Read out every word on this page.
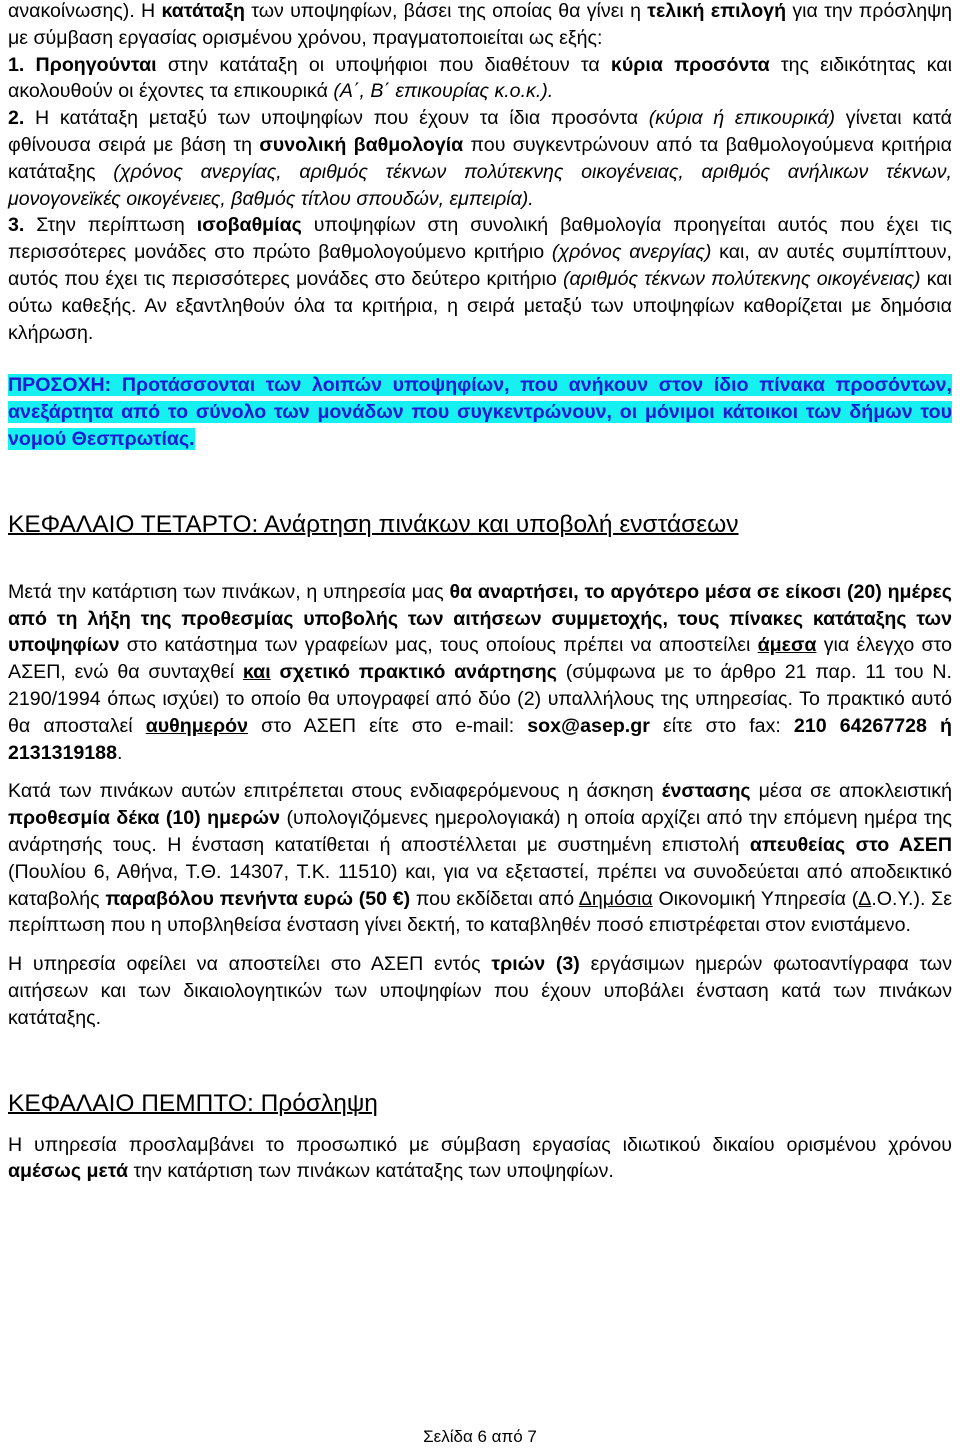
ανακοίνωσης). Η κατάταξη των υποψηφίων, βάσει της οποίας θα γίνει η τελική επιλογή για την πρόσληψη με σύμβαση εργασίας ορισμένου χρόνου, πραγματοποιείται ως εξής:

1. Προηγούνται στην κατάταξη οι υποψήφιοι που διαθέτουν τα κύρια προσόντα της ειδικότητας και ακολουθούν οι έχοντες τα επικουρικά (Α΄, Β΄ επικουρίας κ.ο.κ.).

2. Η κατάταξη μεταξύ των υποψηφίων που έχουν τα ίδια προσόντα (κύρια ή επικουρικά) γίνεται κατά φθίνουσα σειρά με βάση τη συνολική βαθμολογία που συγκεντρώνουν από τα βαθμολογούμενα κριτήρια κατάταξης (χρόνος ανεργίας, αριθμός τέκνων πολύτεκνης οικογένειας, αριθμός ανήλικων τέκνων, μονογονεϊκές οικογένειες, βαθμός τίτλου σπουδών, εμπειρία).

3. Στην περίπτωση ισοβαθμίας υποψηφίων στη συνολική βαθμολογία προηγείται αυτός που έχει τις περισσότερες μονάδες στο πρώτο βαθμολογούμενο κριτήριο (χρόνος ανεργίας) και, αν αυτές συμπίπτουν, αυτός που έχει τις περισσότερες μονάδες στο δεύτερο κριτήριο (αριθμός τέκνων πολύτεκνης οικογένειας) και ούτω καθεξής. Αν εξαντληθούν όλα τα κριτήρια, η σειρά μεταξύ των υποψηφίων καθορίζεται με δημόσια κλήρωση.

ΠΡΟΣΟΧΗ: Προτάσσονται των λοιπών υποψηφίων, που ανήκουν στον ίδιο πίνακα προσόντων, ανεξάρτητα από το σύνολο των μονάδων που συγκεντρώνουν, οι μόνιμοι κάτοικοι των δήμων του νομού Θεσπρωτίας.

ΚΕΦΑΛΑΙΟ ΤΕΤΑΡΤΟ: Ανάρτηση πινάκων και υποβολή ενστάσεων

Μετά την κατάρτιση των πινάκων, η υπηρεσία μας θα αναρτήσει, το αργότερο μέσα σε είκοσι (20) ημέρες από τη λήξη της προθεσμίας υποβολής των αιτήσεων συμμετοχής, τους πίνακες κατάταξης των υποψηφίων στο κατάστημα των γραφείων μας, τους οποίους πρέπει να αποστείλει άμεσα για έλεγχο στο ΑΣΕΠ, ενώ θα συνταχθεί και σχετικό πρακτικό ανάρτησης (σύμφωνα με το άρθρο 21 παρ. 11 του Ν. 2190/1994 όπως ισχύει) το οποίο θα υπογραφεί από δύο (2) υπαλλήλους της υπηρεσίας. Το πρακτικό αυτό θα αποσταλεί αυθημερόν στο ΑΣΕΠ είτε στο e-mail: sox@asep.gr είτε στο fax: 210 64267728 ή 2131319188.

Κατά των πινάκων αυτών επιτρέπεται στους ενδιαφερόμενους η άσκηση ένστασης μέσα σε αποκλειστική προθεσμία δέκα (10) ημερών (υπολογιζόμενες ημερολογιακά) η οποία αρχίζει από την επόμενη ημέρα της ανάρτησής τους. Η ένσταση κατατίθεται ή αποστέλλεται με συστημένη επιστολή απευθείας στο ΑΣΕΠ (Πουλίου 6, Αθήνα, Τ.Θ. 14307, Τ.Κ. 11510) και, για να εξεταστεί, πρέπει να συνοδεύεται από αποδεικτικό καταβολής παραβόλου πενήντα ευρώ (50 €) που εκδίδεται από Δημόσια Οικονομική Υπηρεσία (Δ.Ο.Υ.). Σε περίπτωση που η υποβληθείσα ένσταση γίνει δεκτή, το καταβληθέν ποσό επιστρέφεται στον ενιστάμενο.

Η υπηρεσία οφείλει να αποστείλει στο ΑΣΕΠ εντός τριών (3) εργάσιμων ημερών φωτοαντίγραφα των αιτήσεων και των δικαιολογητικών των υποψηφίων που έχουν υποβάλει ένσταση κατά των πινάκων κατάταξης.

ΚΕΦΑΛΑΙΟ ΠΕΜΠΤΟ: Πρόσληψη

Η υπηρεσία προσλαμβάνει το προσωπικό με σύμβαση εργασίας ιδιωτικού δικαίου ορισμένου χρόνου αμέσως μετά την κατάρτιση των πινάκων κατάταξης των υποψηφίων.

Σελίδα 6 από 7
